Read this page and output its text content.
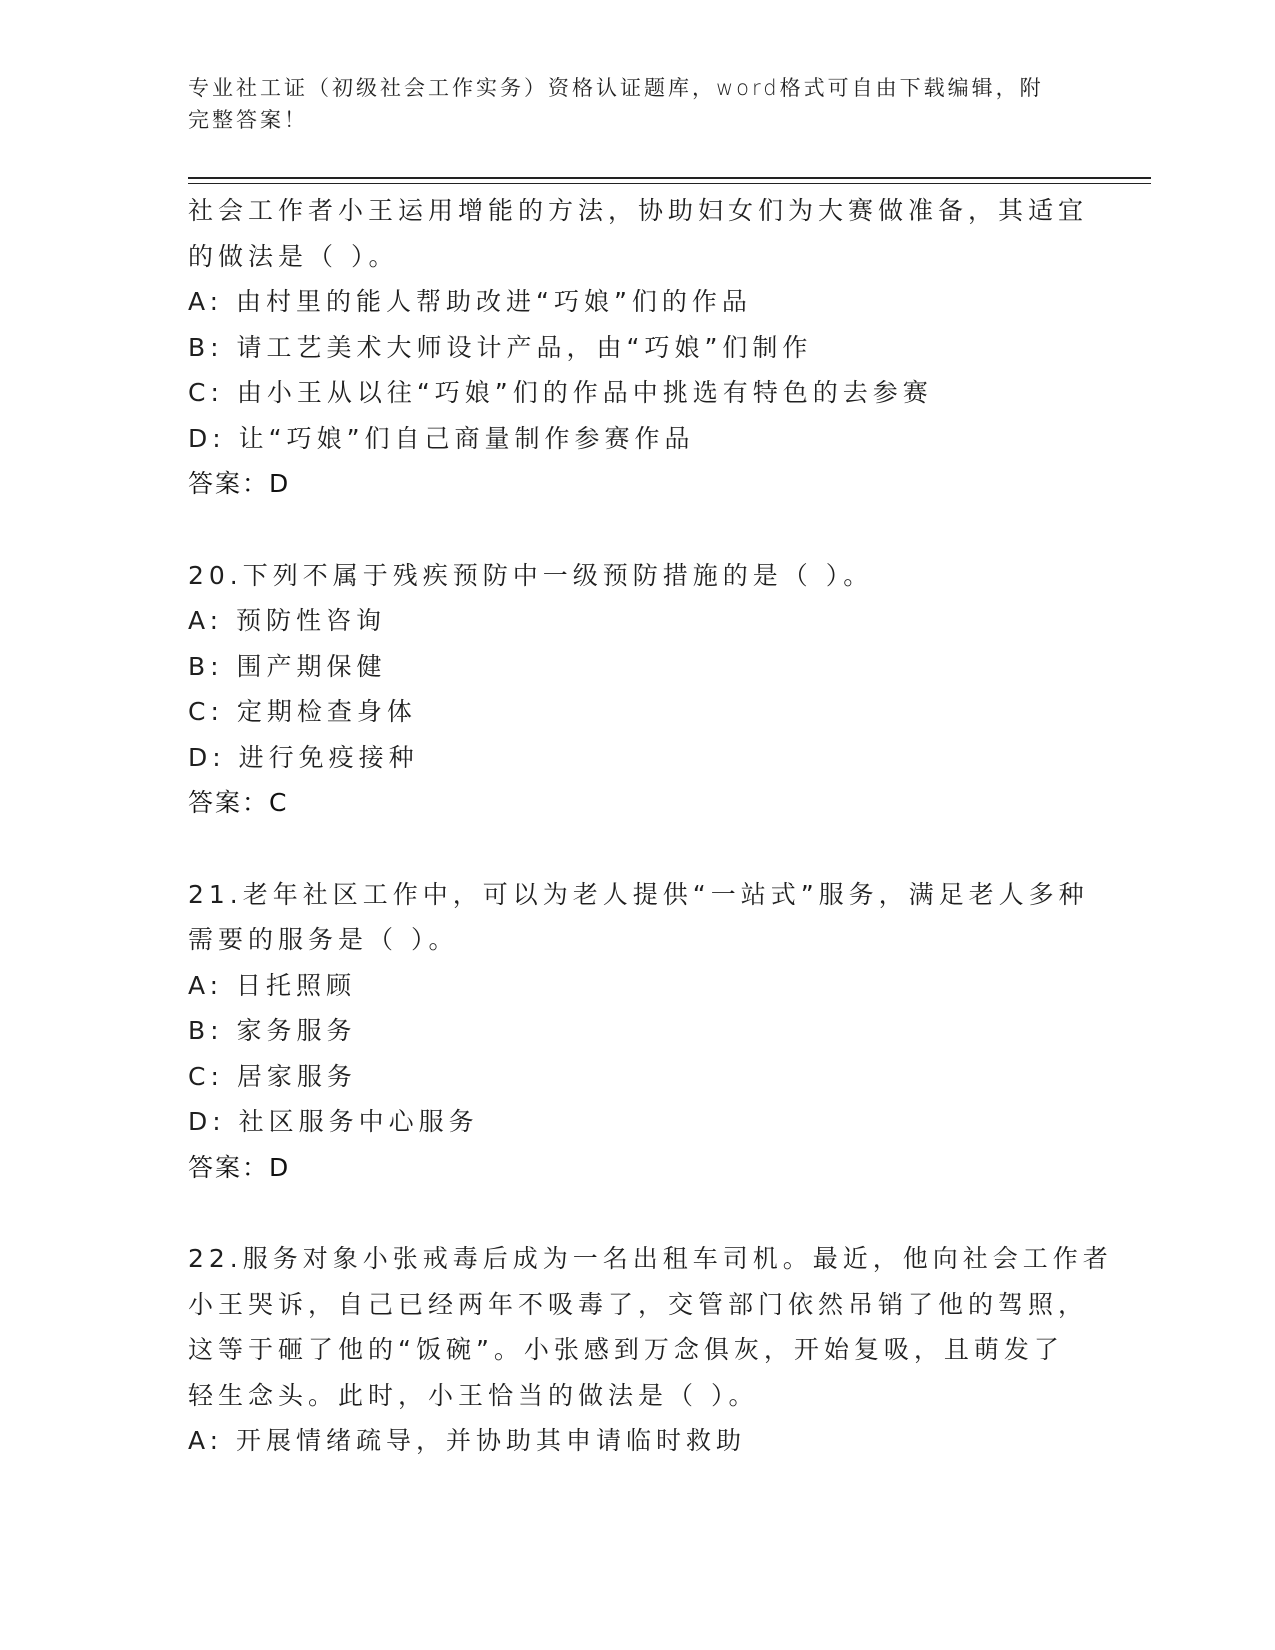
专业社工证（初级社会工作实务）资格认证题库，word格式可自由下载编辑，附
完整答案！
社会工作者小王运用增能的方法，协助妇女们为大赛做准备，其适宜
的做法是（ ）。
A: 由村里的能人帮助改进“巧娘”们的作品
B: 请工艺美术大师设计产品，由“巧娘”们制作
C: 由小王从以往“巧娘”们的作品中挑选有特色的去参赛
D: 让“巧娘”们自己商量制作参赛作品
答案：D
20.下列不属于残疾预防中一级预防措施的是（ ）。
A: 预防性咨询
B: 围产期保健
C: 定期检查身体
D: 进行免疫接种
答案：C
21.老年社区工作中，可以为老人提供“一站式”服务，满足老人多种
需要的服务是（ ）。
A: 日托照顾
B: 家务服务
C: 居家服务
D: 社区服务中心服务
答案：D
22.服务对象小张戒毒后成为一名出租车司机。最近，他向社会工作者
小王哭诉，自己已经两年不吸毒了，交管部门依然吊销了他的驾照，
这等于砸了他的“饭碗”。小张感到万念俱灰，开始复吸，且萌发了
轻生念头。此时，小王恰当的做法是（ ）。
A: 开展情绪疏导，并协助其申请临时救助
